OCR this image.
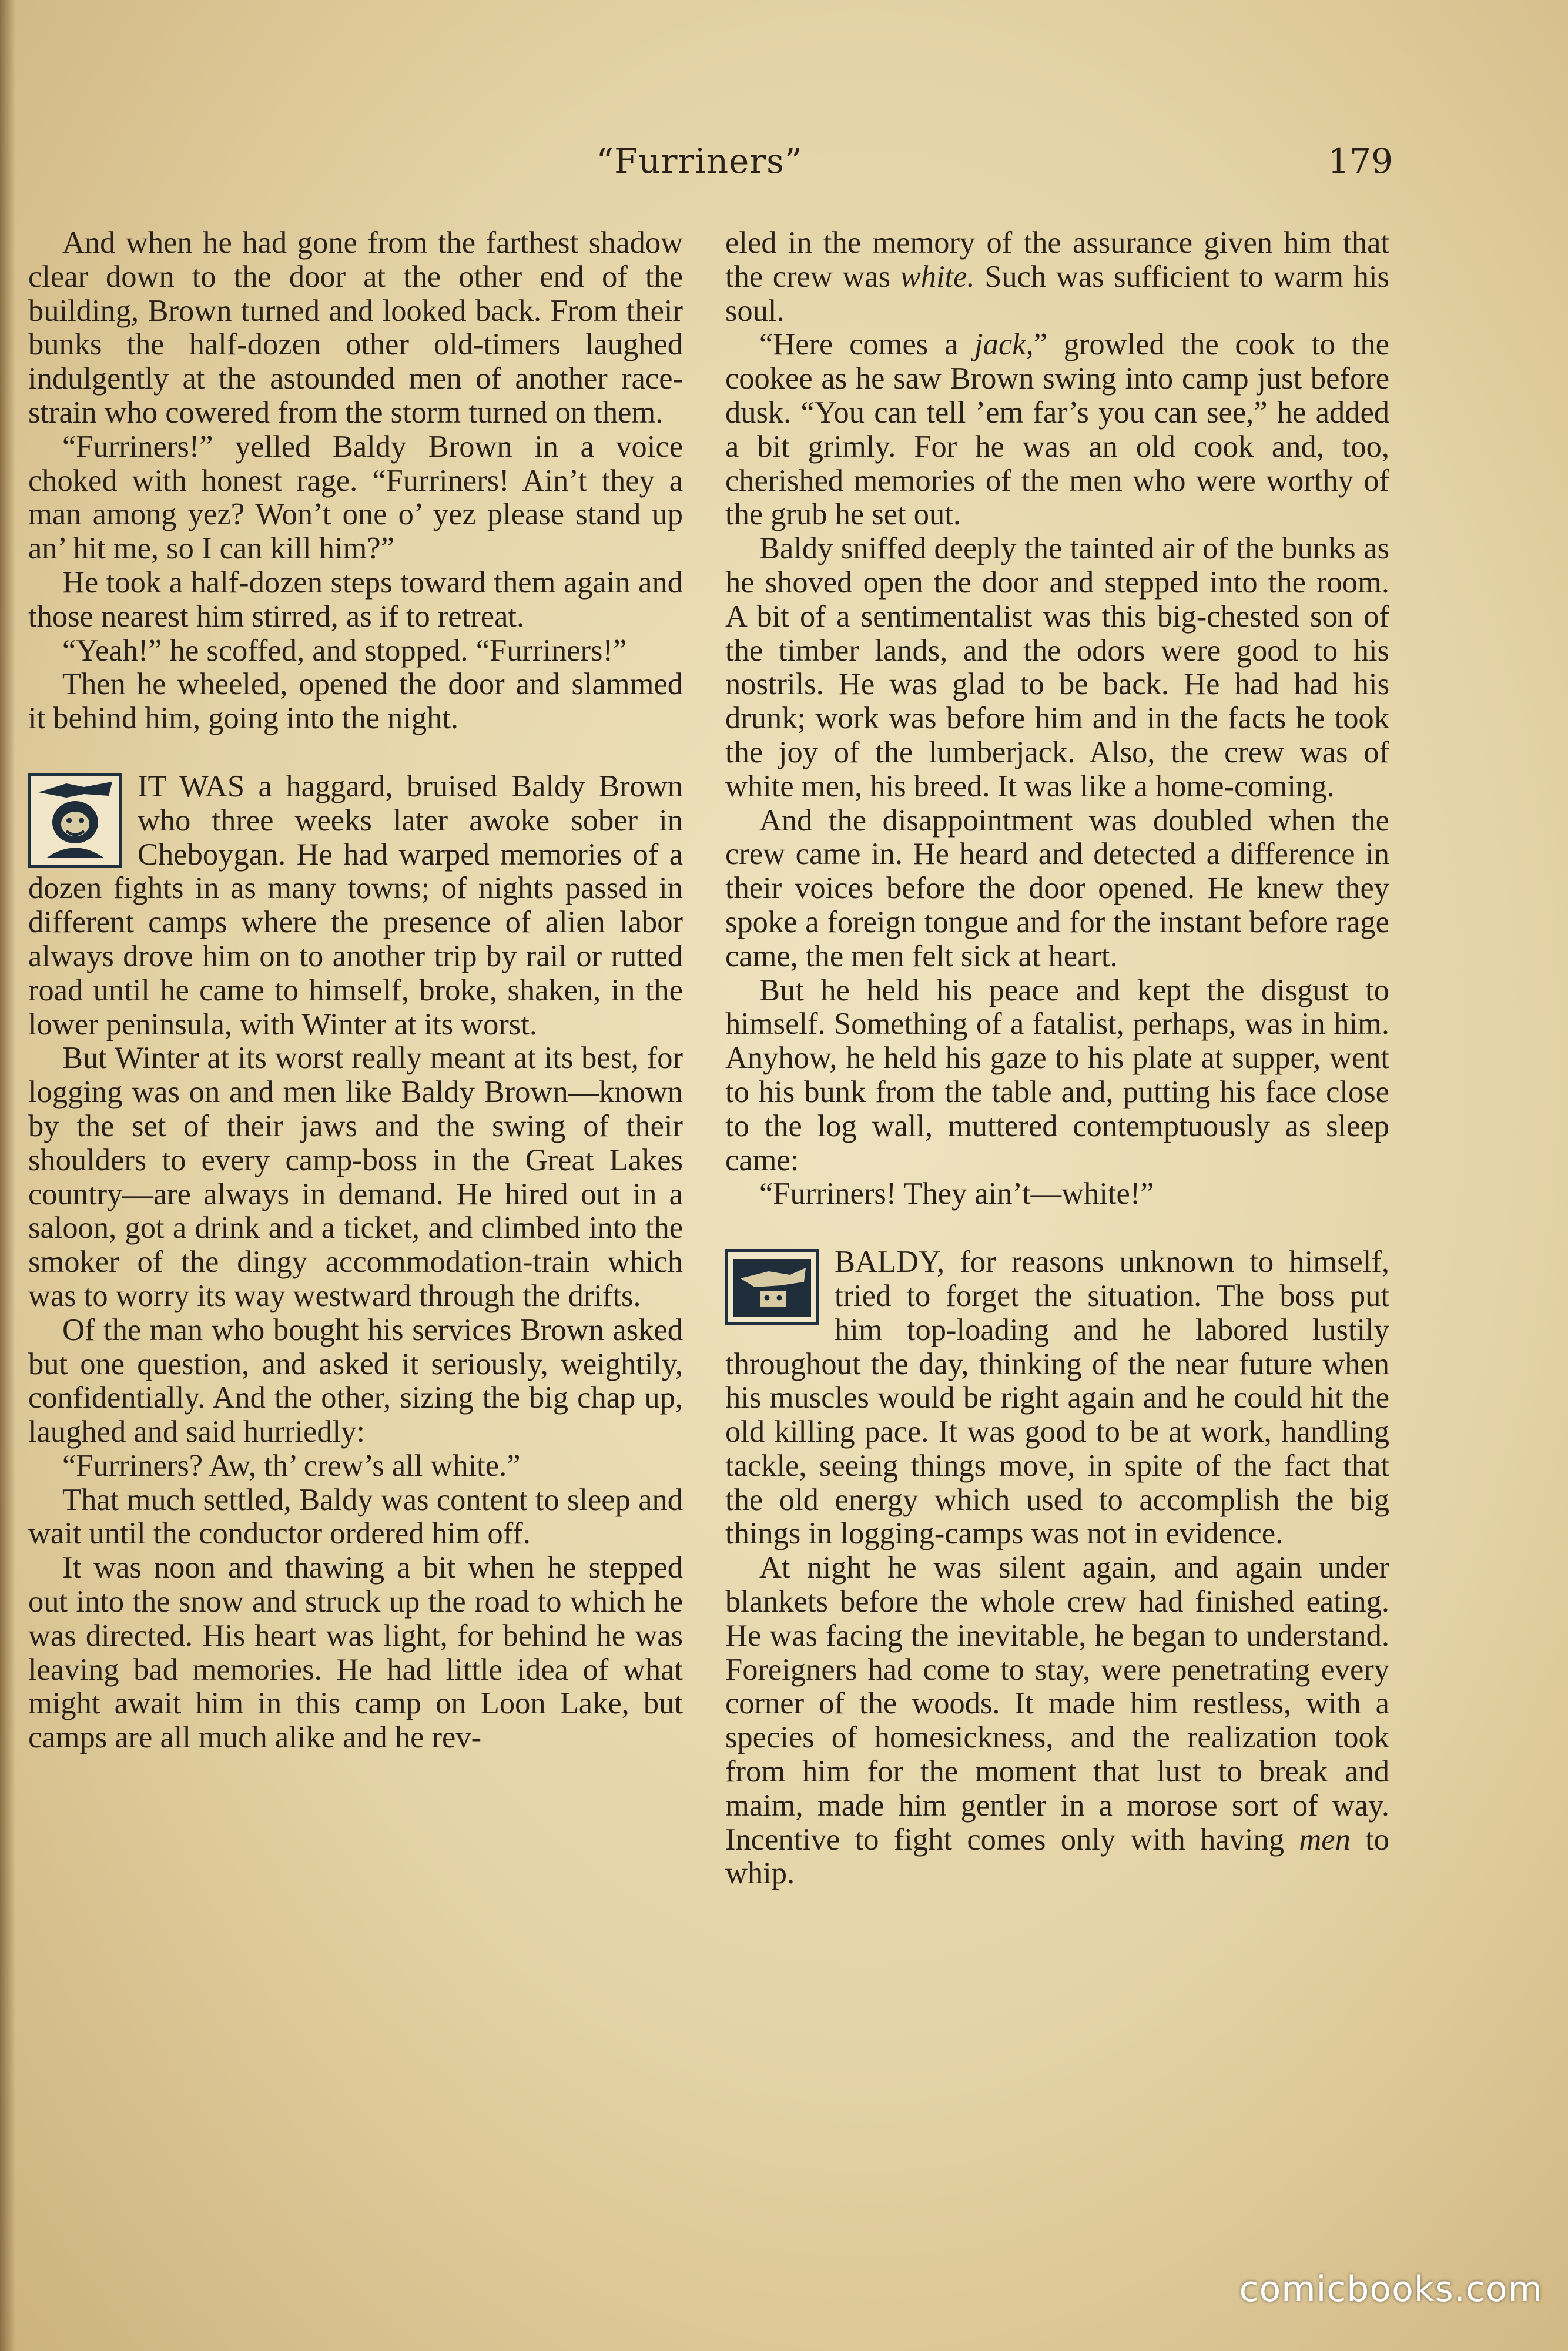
“Furriners”	179

And when he had gone from the farthest shadow clear down to the door at the other end of the building, Brown turned and looked back. From their bunks the half-dozen other old-timers laughed indulgently at the astounded men of another race-strain who cowered from the storm turned on them.

“Furriners!” yelled Baldy Brown in a voice choked with honest rage. “Furriners! Ain’t they a man among yez? Won’t one o’ yez please stand up an’ hit me, so I can kill him?”

He took a half-dozen steps toward them again and those nearest him stirred, as if to retreat.

“Yeah!” he scoffed, and stopped. “Furriners!”

Then he wheeled, opened the door and slammed it behind him, going into the night.

IT WAS a haggard, bruised Baldy Brown who three weeks later awoke sober in Cheboygan. He had warped memories of a dozen fights in as many towns; of nights passed in different camps where the presence of alien labor always drove him on to another trip by rail or rutted road until he came to himself, broke, shaken, in the lower peninsula, with Winter at its worst.

But Winter at its worst really meant at its best, for logging was on and men like Baldy Brown—known by the set of their jaws and the swing of their shoulders to every camp-boss in the Great Lakes country—are always in demand. He hired out in a saloon, got a drink and a ticket, and climbed into the smoker of the dingy accommodation-train which was to worry its way westward through the drifts.

Of the man who bought his services Brown asked but one question, and asked it seriously, weightily, confidentially. And the other, sizing the big chap up, laughed and said hurriedly:

“Furriners? Aw, th’ crew’s all white.”

That much settled, Baldy was content to sleep and wait until the conductor ordered him off.

It was noon and thawing a bit when he stepped out into the snow and struck up the road to which he was directed. His heart was light, for behind he was leaving bad memories. He had little idea of what might await him in this camp on Loon Lake, but camps are all much alike and he rev-

eled in the memory of the assurance given him that the crew was white. Such was sufficient to warm his soul.

“Here comes a jack,” growled the cook to the cookee as he saw Brown swing into camp just before dusk. “You can tell ’em far’s you can see,” he added a bit grimly. For he was an old cook and, too, cherished memories of the men who were worthy of the grub he set out.

Baldy sniffed deeply the tainted air of the bunks as he shoved open the door and stepped into the room. A bit of a sentimentalist was this big-chested son of the timber lands, and the odors were good to his nostrils. He was glad to be back. He had had his drunk; work was before him and in the facts he took the joy of the lumberjack. Also, the crew was of white men, his breed. It was like a home-coming.

And the disappointment was doubled when the crew came in. He heard and detected a difference in their voices before the door opened. He knew they spoke a foreign tongue and for the instant before rage came, the men felt sick at heart.

But he held his peace and kept the disgust to himself. Something of a fatalist, perhaps, was in him. Anyhow, he held his gaze to his plate at supper, went to his bunk from the table and, putting his face close to the log wall, muttered contemptuously as sleep came:

“Furriners! They ain’t—white!”

BALDY, for reasons unknown to himself, tried to forget the situation. The boss put him top-loading and he labored lustily throughout the day, thinking of the near future when his muscles would be right again and he could hit the old killing pace. It was good to be at work, handling tackle, seeing things move, in spite of the fact that the old energy which used to accomplish the big things in logging-camps was not in evidence.

At night he was silent again, and again under blankets before the whole crew had finished eating. He was facing the inevitable, he began to understand. Foreigners had come to stay, were penetrating every corner of the woods. It made him restless, with a species of homesickness, and the realization took from him for the moment that lust to break and maim, made him gentler in a morose sort of way. Incentive to fight comes only with having men to whip.

comicbooks.com
